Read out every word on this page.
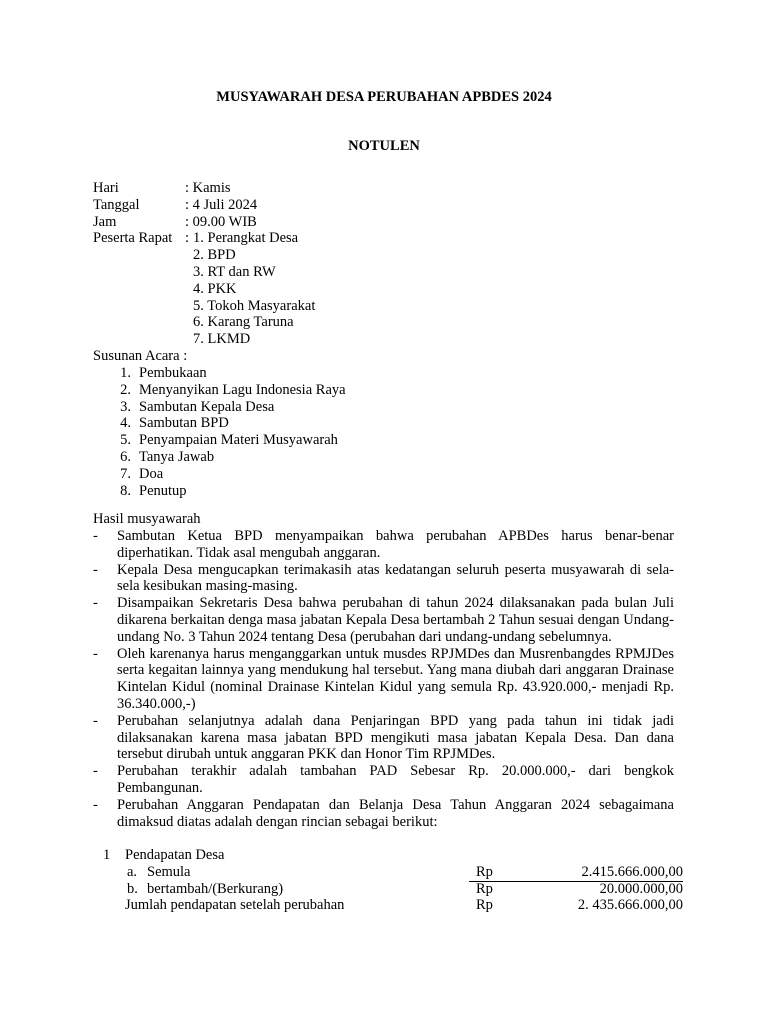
MUSYAWARAH DESA PERUBAHAN APBDES 2024
NOTULEN
Hari	: Kamis
Tanggal	: 4 Juli 2024
Jam	: 09.00 WIB
Peserta Rapat : 1. Perangkat Desa
2. BPD
3. RT dan RW
4. PKK
5. Tokoh Masyarakat
6. Karang Taruna
7. LKMD
Susunan Acara :
1. Pembukaan
2. Menyanyikan Lagu Indonesia Raya
3. Sambutan Kepala Desa
4. Sambutan BPD
5. Penyampaian Materi Musyawarah
6. Tanya Jawab
7. Doa
8. Penutup
Hasil musyawarah
-	Sambutan Ketua BPD menyampaikan bahwa perubahan APBDes harus benar-benar diperhatikan. Tidak asal mengubah anggaran.
-	Kepala Desa mengucapkan terimakasih atas kedatangan seluruh peserta musyawarah di sela-sela kesibukan masing-masing.
-	Disampaikan Sekretaris Desa bahwa perubahan di tahun 2024 dilaksanakan pada bulan Juli dikarena berkaitan denga masa jabatan Kepala Desa bertambah 2 Tahun sesuai dengan Undang-undang No. 3 Tahun 2024 tentang Desa (perubahan dari undang-undang sebelumnya.
-	Oleh karenanya harus menganggarkan untuk musdes RPJMDes dan Musrenbangdes RPMJDes serta kegaitan lainnya yang mendukung hal tersebut. Yang mana diubah dari anggaran Drainase Kintelan Kidul (nominal Drainase Kintelan Kidul yang semula Rp. 43.920.000,- menjadi Rp. 36.340.000,-)
-	Perubahan selanjutnya adalah dana Penjaringan BPD yang pada tahun ini tidak jadi dilaksanakan karena masa jabatan BPD mengikuti masa jabatan Kepala Desa. Dan dana tersebut dirubah untuk anggaran PKK dan Honor Tim RPJMDes.
-	Perubahan terakhir adalah tambahan PAD Sebesar Rp. 20.000.000,- dari bengkok Pembangunan.
-	Perubahan Anggaran Pendapatan dan Belanja Desa Tahun Anggaran 2024 sebagaimana dimaksud diatas adalah dengan rincian sebagai berikut:
1 Pendapatan Desa
a. Semula	Rp	2.415.666.000,00
b. bertambah/(Berkurang)	Rp	20.000.000,00
Jumlah pendapatan setelah perubahan	Rp	2. 435.666.000,00
